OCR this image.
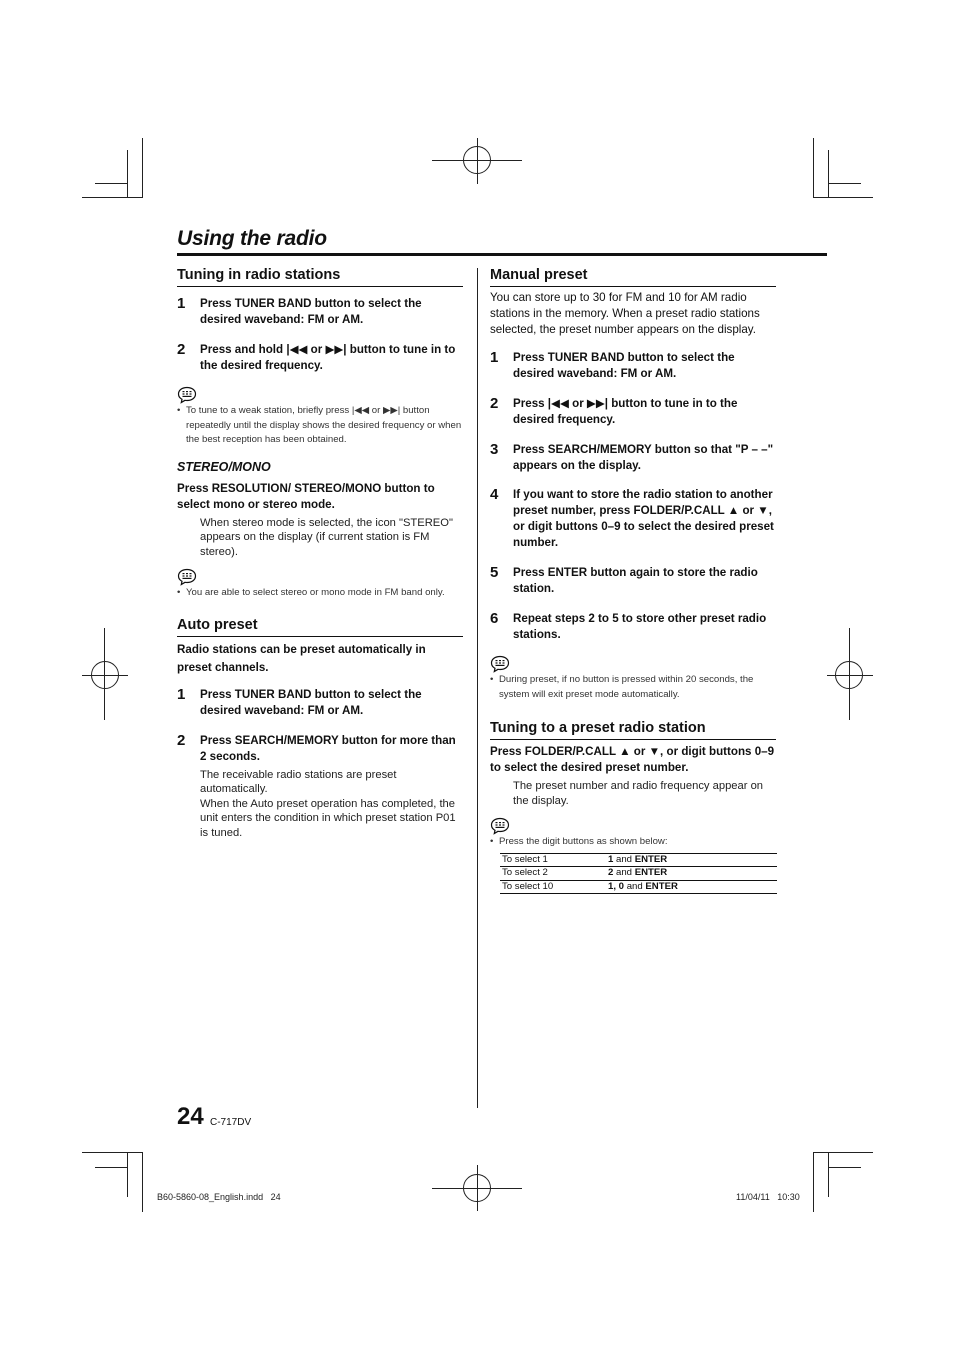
Using the radio
Tuning in radio stations
1	Press TUNER BAND button to select the desired waveband: FM or AM.
2	Press and hold |◀◀ or ▶▶| button to tune in to the desired frequency.
• To tune to a weak station, briefly press |◀◀ or ▶▶| button repeatedly until the display shows the desired frequency or when the best reception has been obtained.
STEREO/MONO

Press RESOLUTION/ STEREO/MONO button to select mono or stereo mode.

When stereo mode is selected, the icon "STEREO" appears on the display (if current station is FM stereo).
• You are able to select stereo or mono mode in FM band only.
Auto preset

Radio stations can be preset automatically in preset channels.

1	Press TUNER BAND button to select the desired waveband: FM or AM.
2	Press SEARCH/MEMORY button for more than 2 seconds.
The receivable radio stations are preset automatically.
When the Auto preset operation has completed, the unit enters the condition in which preset station P01 is tuned.
Manual preset

You can store up to 30 for FM and 10 for AM radio stations in the memory. When a preset radio stations selected, the preset number appears on the display.

1	Press TUNER BAND button to select the desired waveband: FM or AM.
2	Press |◀◀ or ▶▶| button to tune in to the desired frequency.
3	Press SEARCH/MEMORY button so that "P – –" appears on the display.
4	If you want to store the radio station to another preset number, press FOLDER/P.CALL ▲ or ▼, or digit buttons 0–9 to select the desired preset number.
5	Press ENTER button again to store the radio station.
6	Repeat steps 2 to 5 to store other preset radio stations.
• During preset, if no button is pressed within 20 seconds, the system will exit preset mode automatically.
Tuning to a preset radio station

Press FOLDER/P.CALL ▲ or ▼, or digit buttons 0–9 to select the desired preset number.

The preset number and radio frequency appear on the display.
• Press the digit buttons as shown below:
To select 1	1 and ENTER
To select 2	2 and ENTER
To select 10	1, 0 and ENTER
24 C-717DV
B60-5860-08_English.indd   24	11/04/11   10:30
